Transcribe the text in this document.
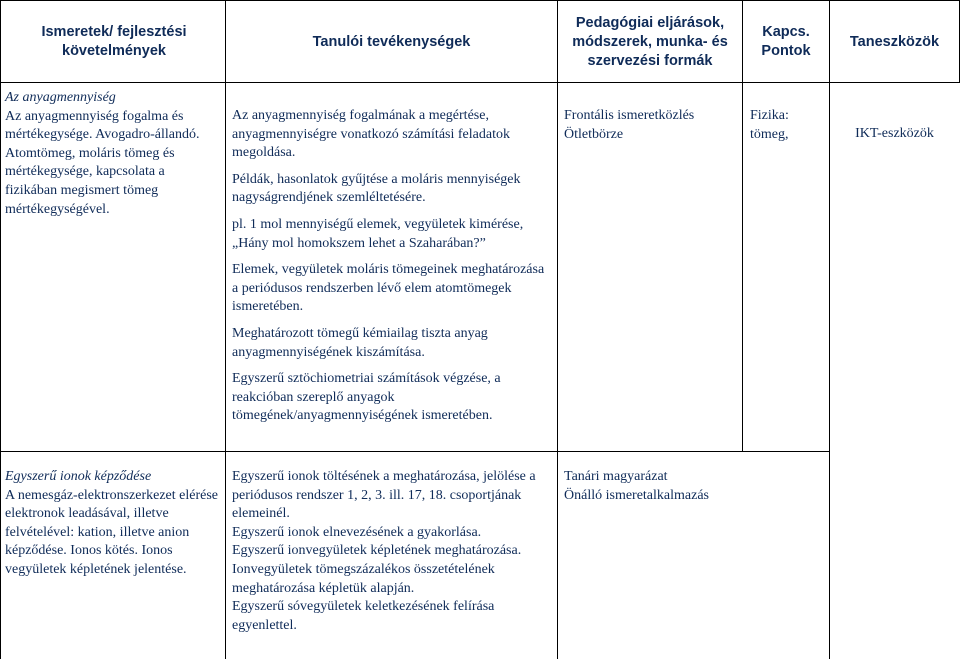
Ismeretek/ fejlesztési követelmények
Tanulói tevékenységek
Pedagógiai eljárások, módszerek, munka- és szervezési formák
Kapcs. Pontok
Taneszközök

Az anyagmennyiség

Az anyagmennyiség fogalma és mértékegysége. Avogadro-állandó. Atomtömeg, moláris tömeg és mértékegysége, kapcsolata a fizikában megismert tömeg mértékegységével.

Az anyagmennyiség fogalmának a megértése, anyagmennyiségre vonatkozó számítási feladatok megoldása.

Példák, hasonlatok gyűjtése a moláris mennyiségek nagyságrendjének szemléltetésére.

pl. 1 mol mennyiségű elemek, vegyületek kimérése, „Hány mol homokszem lehet a Szaharában?”

Elemek, vegyületek moláris tömegeinek meghatározása a periódusos rendszerben lévő elem atomtömegek ismeretében.

Meghatározott tömegű kémiailag tiszta anyag anyagmennyiségének kiszámítása.

Egyszerű sztöchiometriai számítások végzése, a reakcióban szereplő anyagok tömegének/anyagmennyiségének ismeretében.

Frontális ismeretközlés

Ötletbörze

Fizika:

tömeg,	IKT-eszközök

Egyszerű ionok képződése

A nemesgáz-elektronszerkezet elérése elektronok leadásával, illetve felvételével: kation, illetve anion képződése. Ionos kötés. Ionos vegyületek képletének jelentése.

Egyszerű ionok töltésének a meghatározása, jelölése a periódusos rendszer 1, 2, 3. ill. 17, 18. csoportjának elemeinél.

Egyszerű ionok elnevezésének a gyakorlása.

Egyszerű ionvegyületek képletének meghatározása.

Ionvegyületek tömegszázalékos összetételének meghatározása képletük alapján.

Egyszerű sóvegyületek keletkezésének felírása egyenlettel.

Tanári magyarázat

Önálló ismeretalkalmazás
